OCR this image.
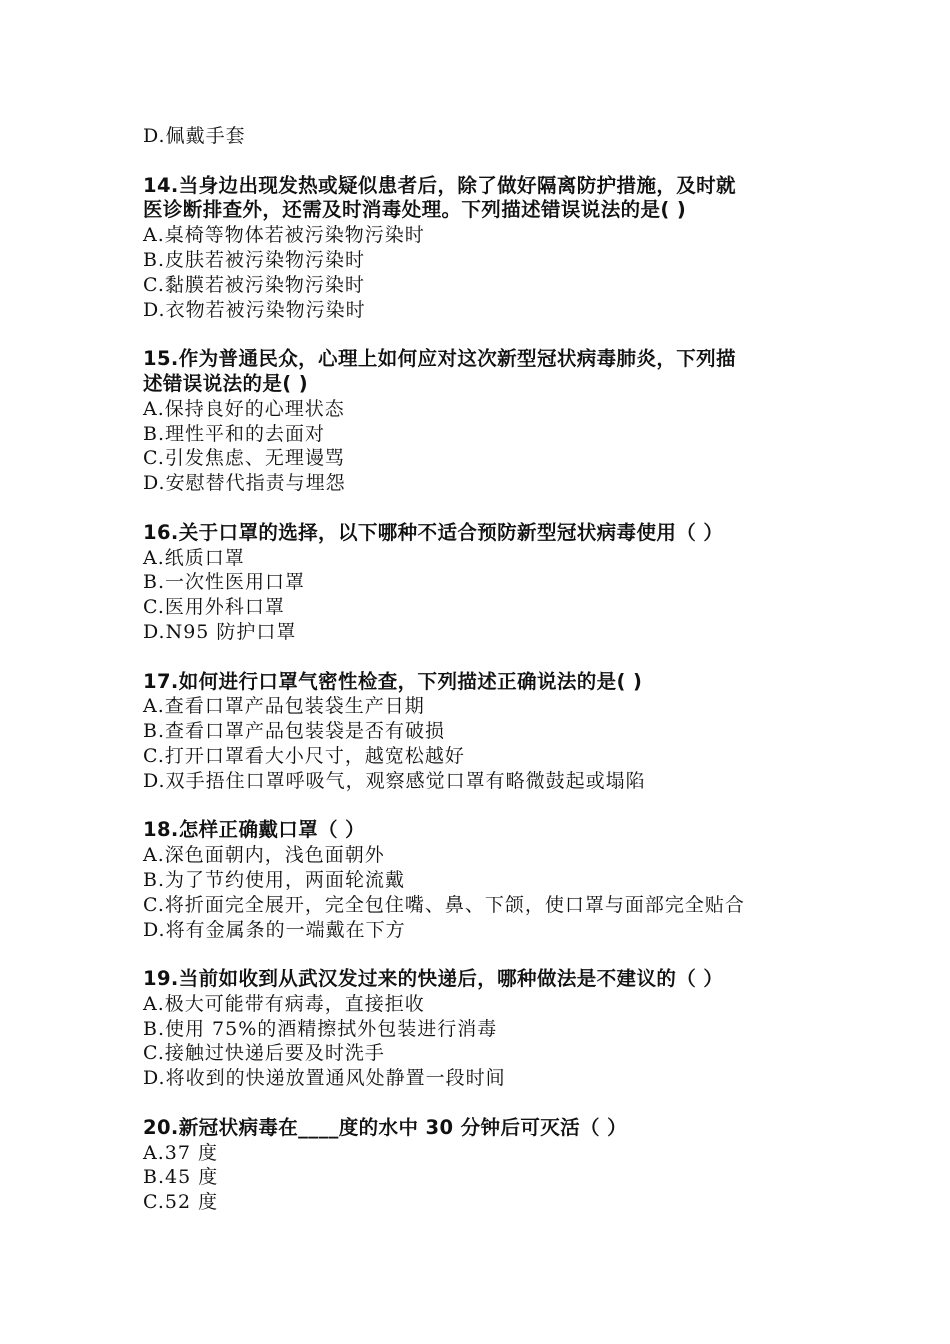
D.佩戴手套
14.当身边出现发热或疑似患者后，除了做好隔离防护措施，及时就
医诊断排查外，还需及时消毒处理。下列描述错误说法的是( )
A.桌椅等物体若被污染物污染时
B.皮肤若被污染物污染时
C.黏膜若被污染物污染时
D.衣物若被污染物污染时
15.作为普通民众，心理上如何应对这次新型冠状病毒肺炎，下列描
述错误说法的是( )
A.保持良好的心理状态
B.理性平和的去面对
C.引发焦虑、无理谩骂
D.安慰替代指责与埋怨
16.关于口罩的选择，以下哪种不适合预防新型冠状病毒使用（ ）
A.纸质口罩
B.一次性医用口罩
C.医用外科口罩
D.N95 防护口罩
17.如何进行口罩气密性检查，下列描述正确说法的是( )
A.查看口罩产品包装袋生产日期
B.查看口罩产品包装袋是否有破损
C.打开口罩看大小尺寸，越宽松越好
D.双手捂住口罩呼吸气，观察感觉口罩有略微鼓起或塌陷
18.怎样正确戴口罩（ ）
A.深色面朝内，浅色面朝外
B.为了节约使用，两面轮流戴
C.将折面完全展开，完全包住嘴、鼻、下颌，使口罩与面部完全贴合
D.将有金属条的一端戴在下方
19.当前如收到从武汉发过来的快递后，哪种做法是不建议的（ ）
A.极大可能带有病毒，直接拒收
B.使用 75%的酒精擦拭外包装进行消毒
C.接触过快递后要及时洗手
D.将收到的快递放置通风处静置一段时间
20.新冠状病毒在____度的水中 30 分钟后可灭活（ ）
A.37 度
B.45 度
C.52 度
